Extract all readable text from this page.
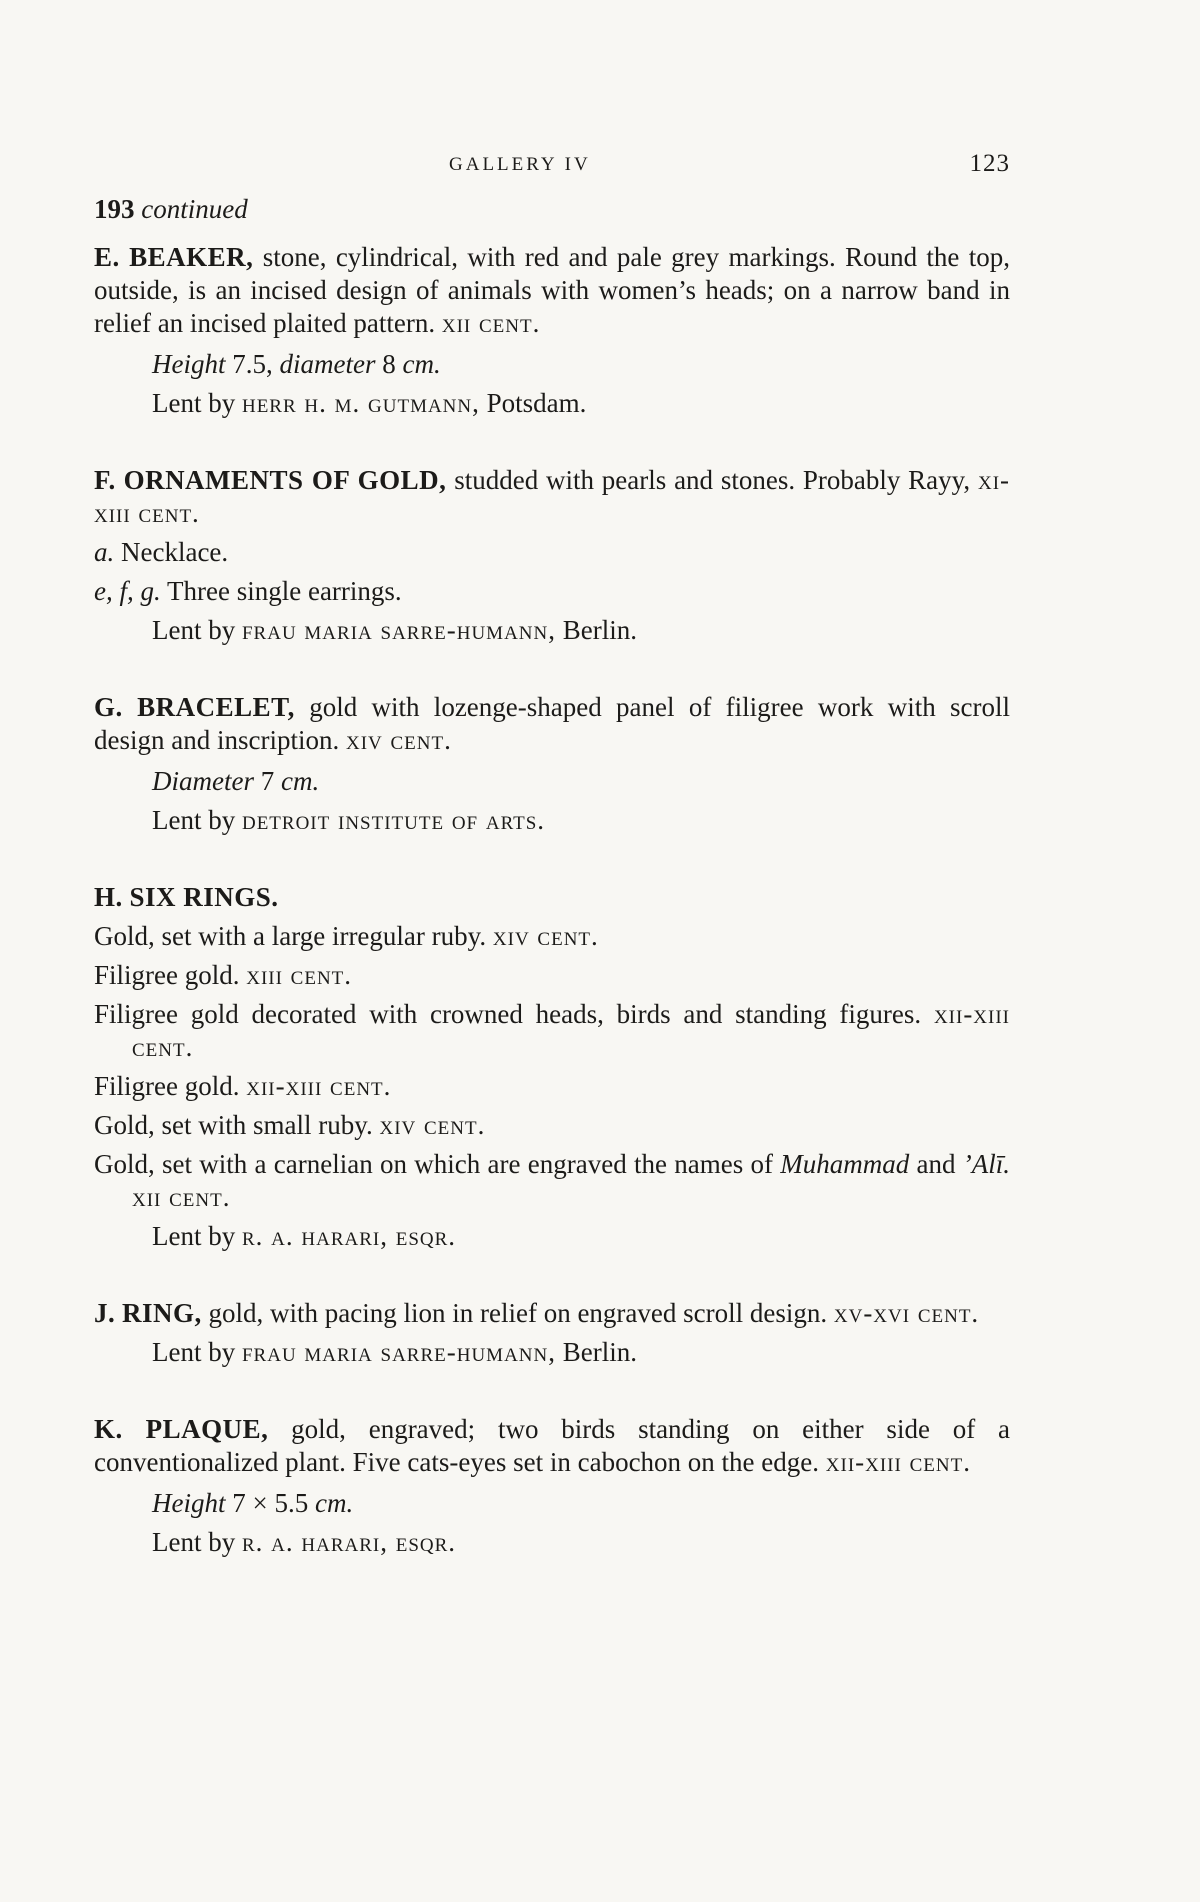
GALLERY IV	123
193 continued
E. BEAKER, stone, cylindrical, with red and pale grey markings. Round the top, outside, is an incised design of animals with women’s heads; on a narrow band in relief an incised plaited pattern. xii cent.
Height 7.5, diameter 8 cm.
Lent by herr h. m. gutmann, Potsdam.
F. ORNAMENTS OF GOLD, studded with pearls and stones. Probably Rayy, xi-xiii cent.
a. Necklace.
e, f, g. Three single earrings.
Lent by frau maria sarre-humann, Berlin.
G. BRACELET, gold with lozenge-shaped panel of filigree work with scroll design and inscription. xiv cent.
Diameter 7 cm.
Lent by detroit institute of arts.
H. SIX RINGS.
Gold, set with a large irregular ruby. xiv cent.
Filigree gold. xiii cent.
Filigree gold decorated with crowned heads, birds and standing figures. xii-xiii cent.
Filigree gold. xii-xiii cent.
Gold, set with small ruby. xiv cent.
Gold, set with a carnelian on which are engraved the names of Muhammad and ’Alī. xii cent.
Lent by r. a. harari, esqr.
J. RING, gold, with pacing lion in relief on engraved scroll design. xv-xvi cent.
Lent by frau maria sarre-humann, Berlin.
K. PLAQUE, gold, engraved; two birds standing on either side of a conventionalized plant. Five cats-eyes set in cabochon on the edge. xii-xiii cent.
Height 7 × 5.5 cm.
Lent by r. a. harari, esqr.
